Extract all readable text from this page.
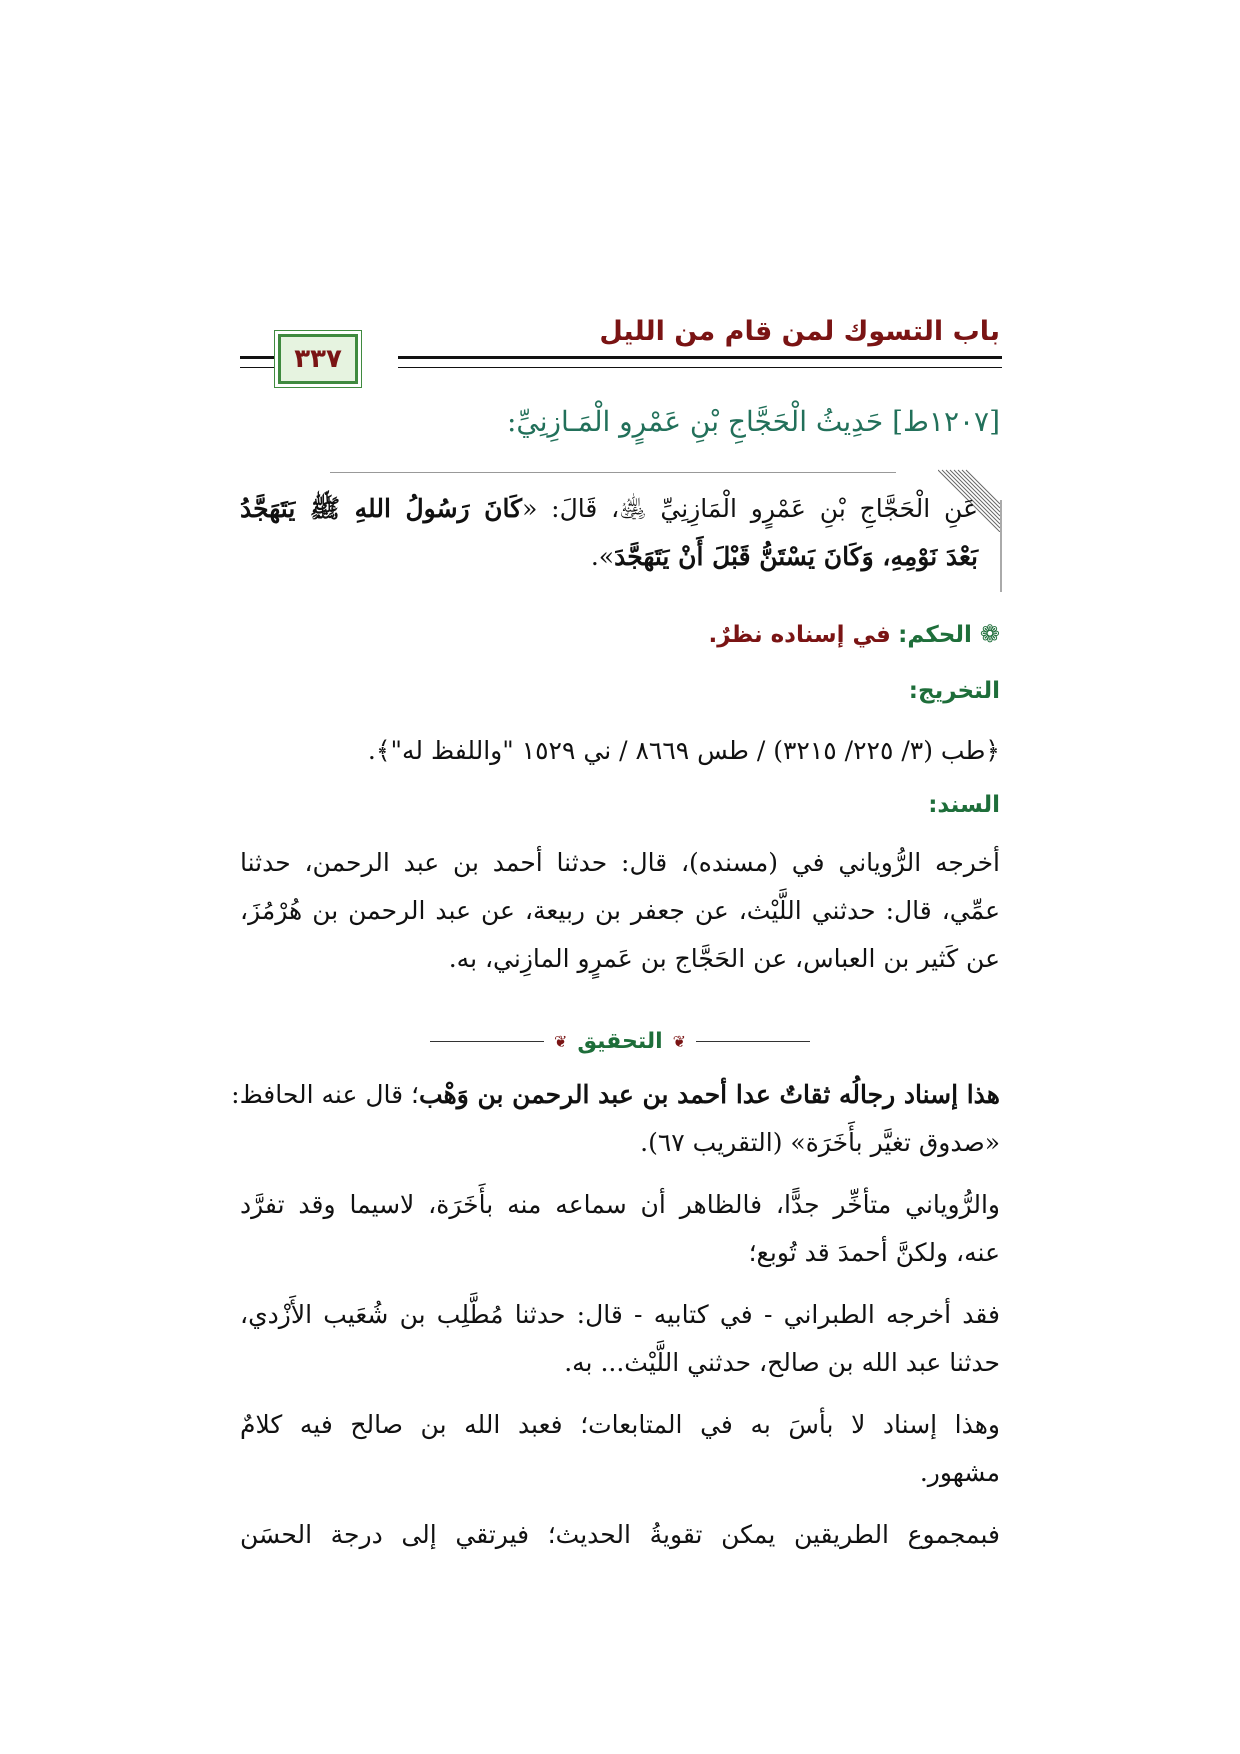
باب التسوك لمن قام من الليل
٣٣٧
[١٢٠٧ط] حَدِيثُ الْحَجَّاجِ بْنِ عَمْرٍو الْمَـازِنِيِّ:
عَنِ الْحَجَّاجِ بْنِ عَمْرٍو الْمَازِنِيِّ ﵁، قَالَ: «كَانَ رَسُولُ اللهِ ﷺ يَتَهَجَّدُ
بَعْدَ نَوْمِهِ، وَكَانَ يَسْتَنُّ قَبْلَ أَنْ يَتَهَجَّدَ».
❁الحكم: في إسناده نظرٌ.
التخريج:
﴿طب (٣/ ٢٢٥/ ٣٢١٥) / طس ٨٦٦٩ / ني ١٥٢٩ "واللفظ له"﴾.
السند:
أخرجه الرُّوياني في (مسنده)، قال: حدثنا أحمد بن عبد الرحمن، حدثنا
عمِّي، قال: حدثني اللَّيْث، عن جعفر بن ربيعة، عن عبد الرحمن بن هُرْمُزَ،
عن كَثير بن العباس، عن الحَجَّاج بن عَمرٍو المازِني، به.
❦
التحقيق
❦
هذا إسناد رجالُه ثقاتٌ عدا أحمد بن عبد الرحمن بن وَهْب؛ قال عنه الحافظ:
«صدوق تغيَّر بأَخَرَة» (التقريب ٦٧).
والرُّوياني متأخِّر جدًّا، فالظاهر أن سماعه منه بأَخَرَة، لاسيما وقد تفرَّد
عنه، ولكنَّ أحمدَ قد تُوبع؛
فقد أخرجه الطبراني - في كتابيه - قال: حدثنا مُطَّلِب بن شُعَيب الأَزْدي،
حدثنا عبد الله بن صالح، حدثني اللَّيْث... به.
وهذا إسناد لا بأسَ به في المتابعات؛ فعبد الله بن صالح فيه كلامٌ
مشهور.
فبمجموع الطريقين يمكن تقويةُ الحديث؛ فيرتقي إلى درجة الحسَن
